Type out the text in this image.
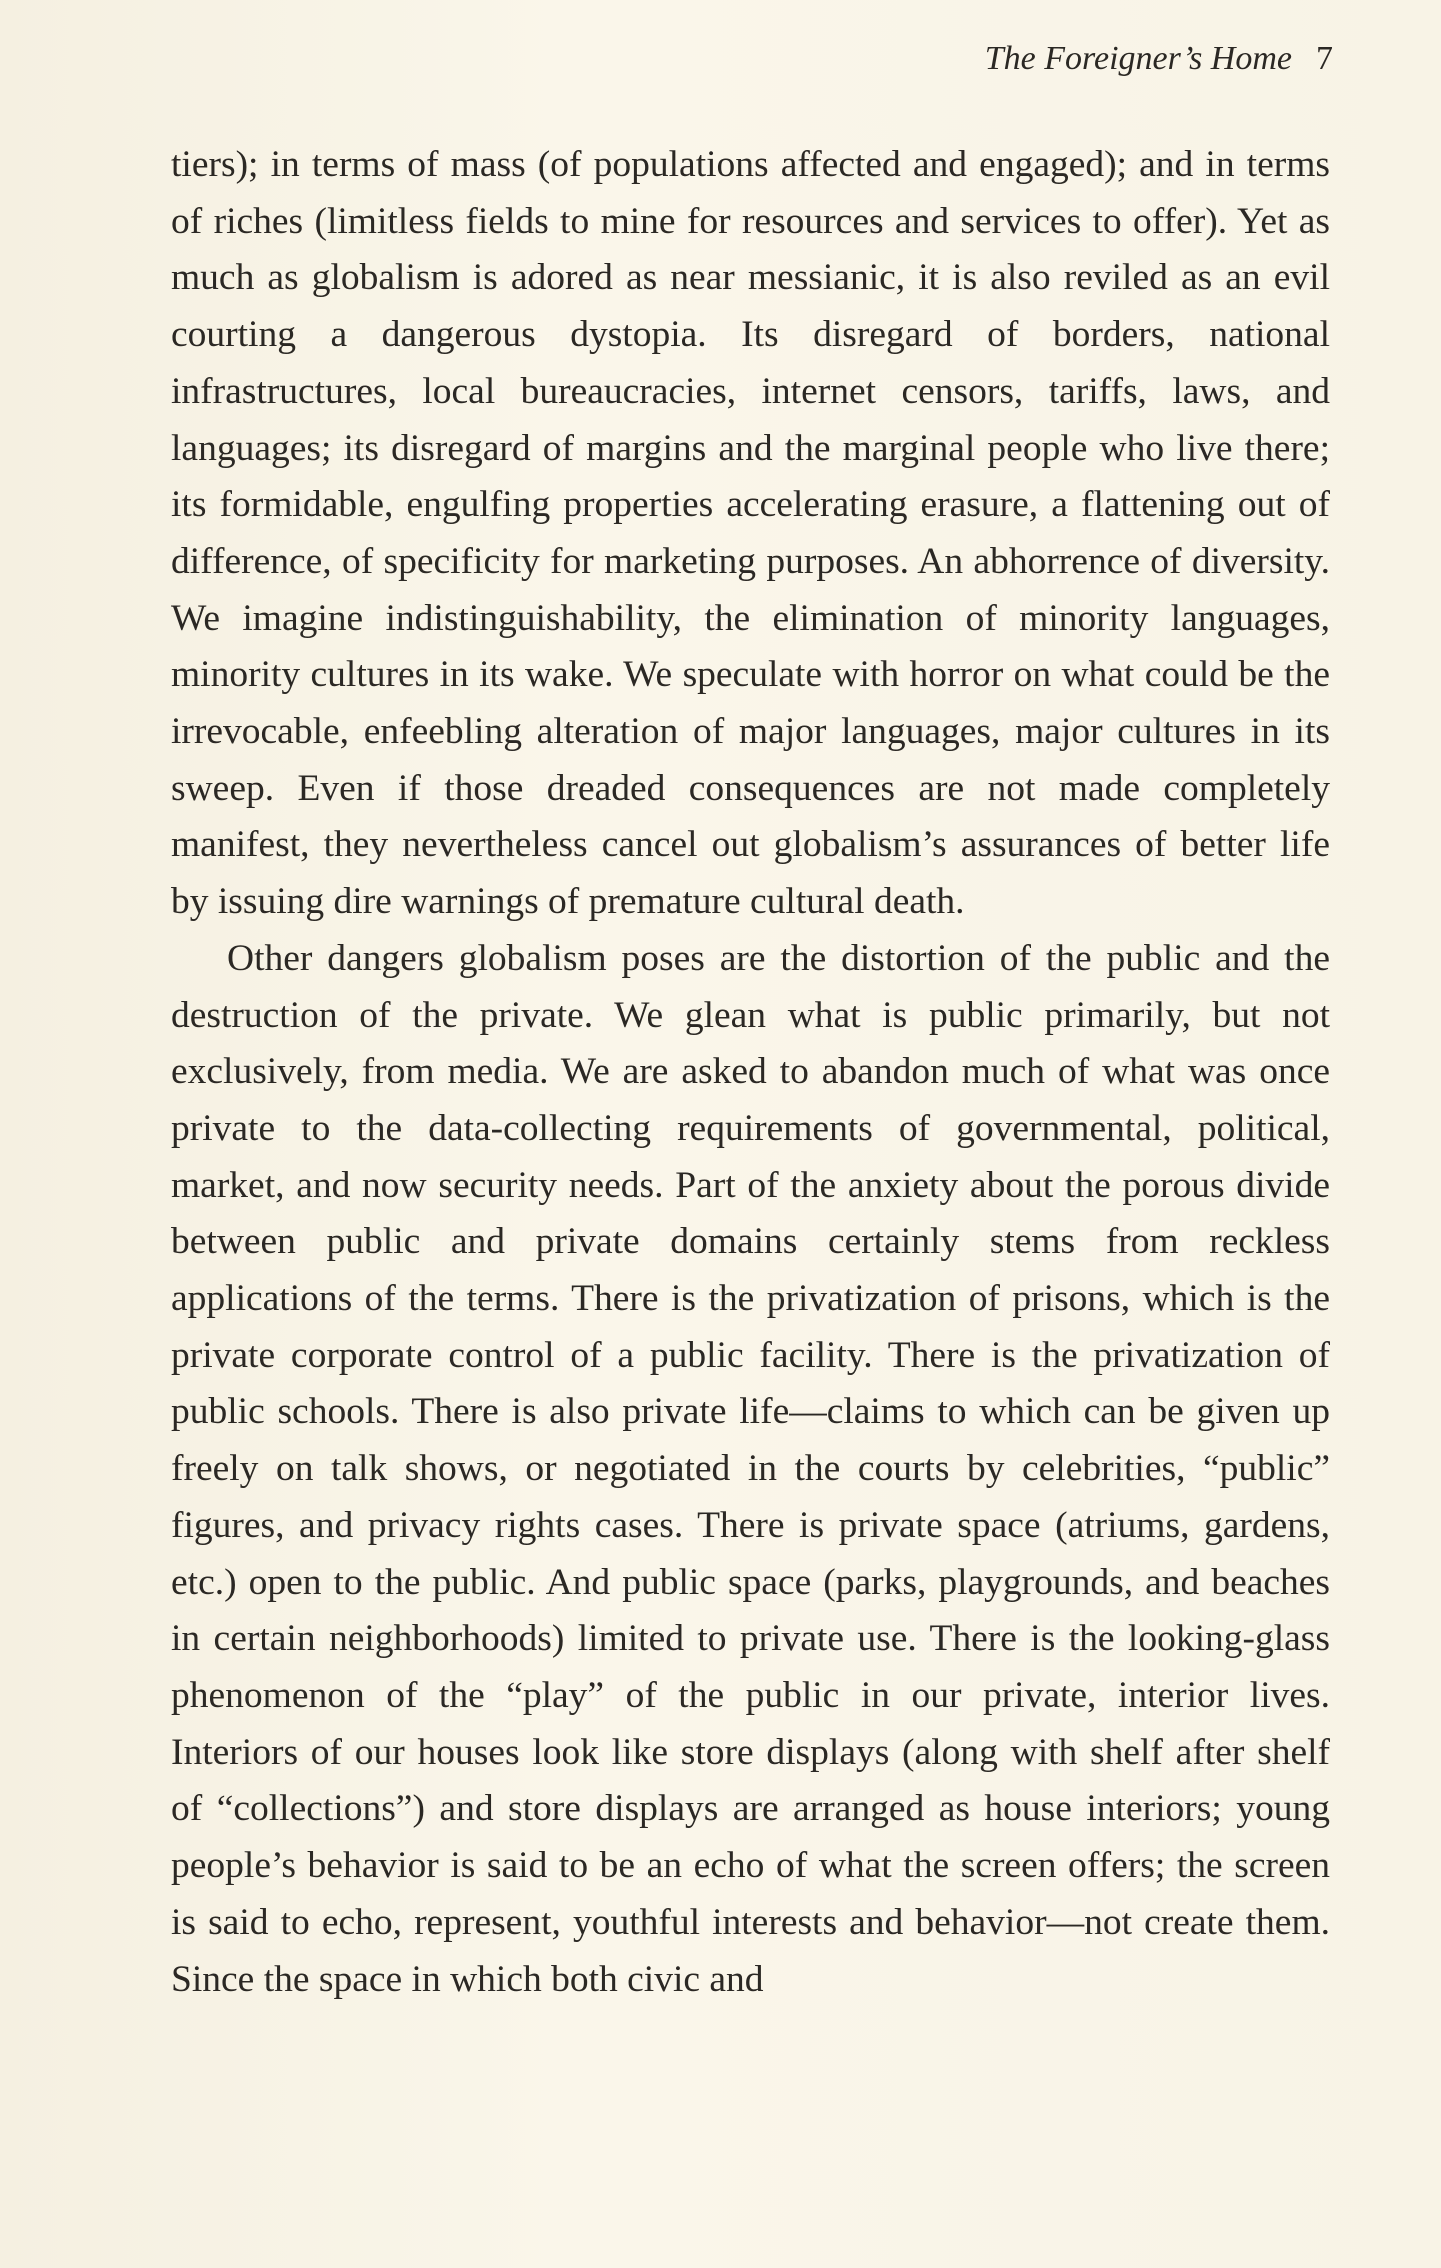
The Foreigner’s Home 7

tiers); in terms of mass (of populations affected and engaged); and in terms of riches (limitless fields to mine for resources and services to offer). Yet as much as globalism is adored as near messianic, it is also reviled as an evil courting a dangerous dystopia. Its disregard of borders, national infrastructures, local bureaucracies, internet censors, tariffs, laws, and languages; its disregard of margins and the marginal people who live there; its formidable, engulfing properties accelerating erasure, a flattening out of difference, of specificity for marketing purposes. An abhorrence of diversity. We imagine indistinguishability, the elimination of minority languages, minority cultures in its wake. We speculate with horror on what could be the irrevocable, enfeebling alteration of major languages, major cultures in its sweep. Even if those dreaded consequences are not made completely manifest, they nevertheless cancel out globalism’s assurances of better life by issuing dire warnings of premature cultural death.

Other dangers globalism poses are the distortion of the public and the destruction of the private. We glean what is public primarily, but not exclusively, from media. We are asked to abandon much of what was once private to the data-collecting requirements of governmental, political, market, and now security needs. Part of the anxiety about the porous divide between public and private domains certainly stems from reckless applications of the terms. There is the privatization of prisons, which is the private corporate control of a public facility. There is the privatization of public schools. There is also private life—claims to which can be given up freely on talk shows, or negotiated in the courts by celebrities, “public” figures, and privacy rights cases. There is private space (atriums, gardens, etc.) open to the public. And public space (parks, playgrounds, and beaches in certain neighborhoods) limited to private use. There is the looking-glass phenomenon of the “play” of the public in our private, interior lives. Interiors of our houses look like store displays (along with shelf after shelf of “collections”) and store displays are arranged as house interiors; young people’s behavior is said to be an echo of what the screen offers; the screen is said to echo, represent, youthful interests and behavior—not create them. Since the space in which both civic and
